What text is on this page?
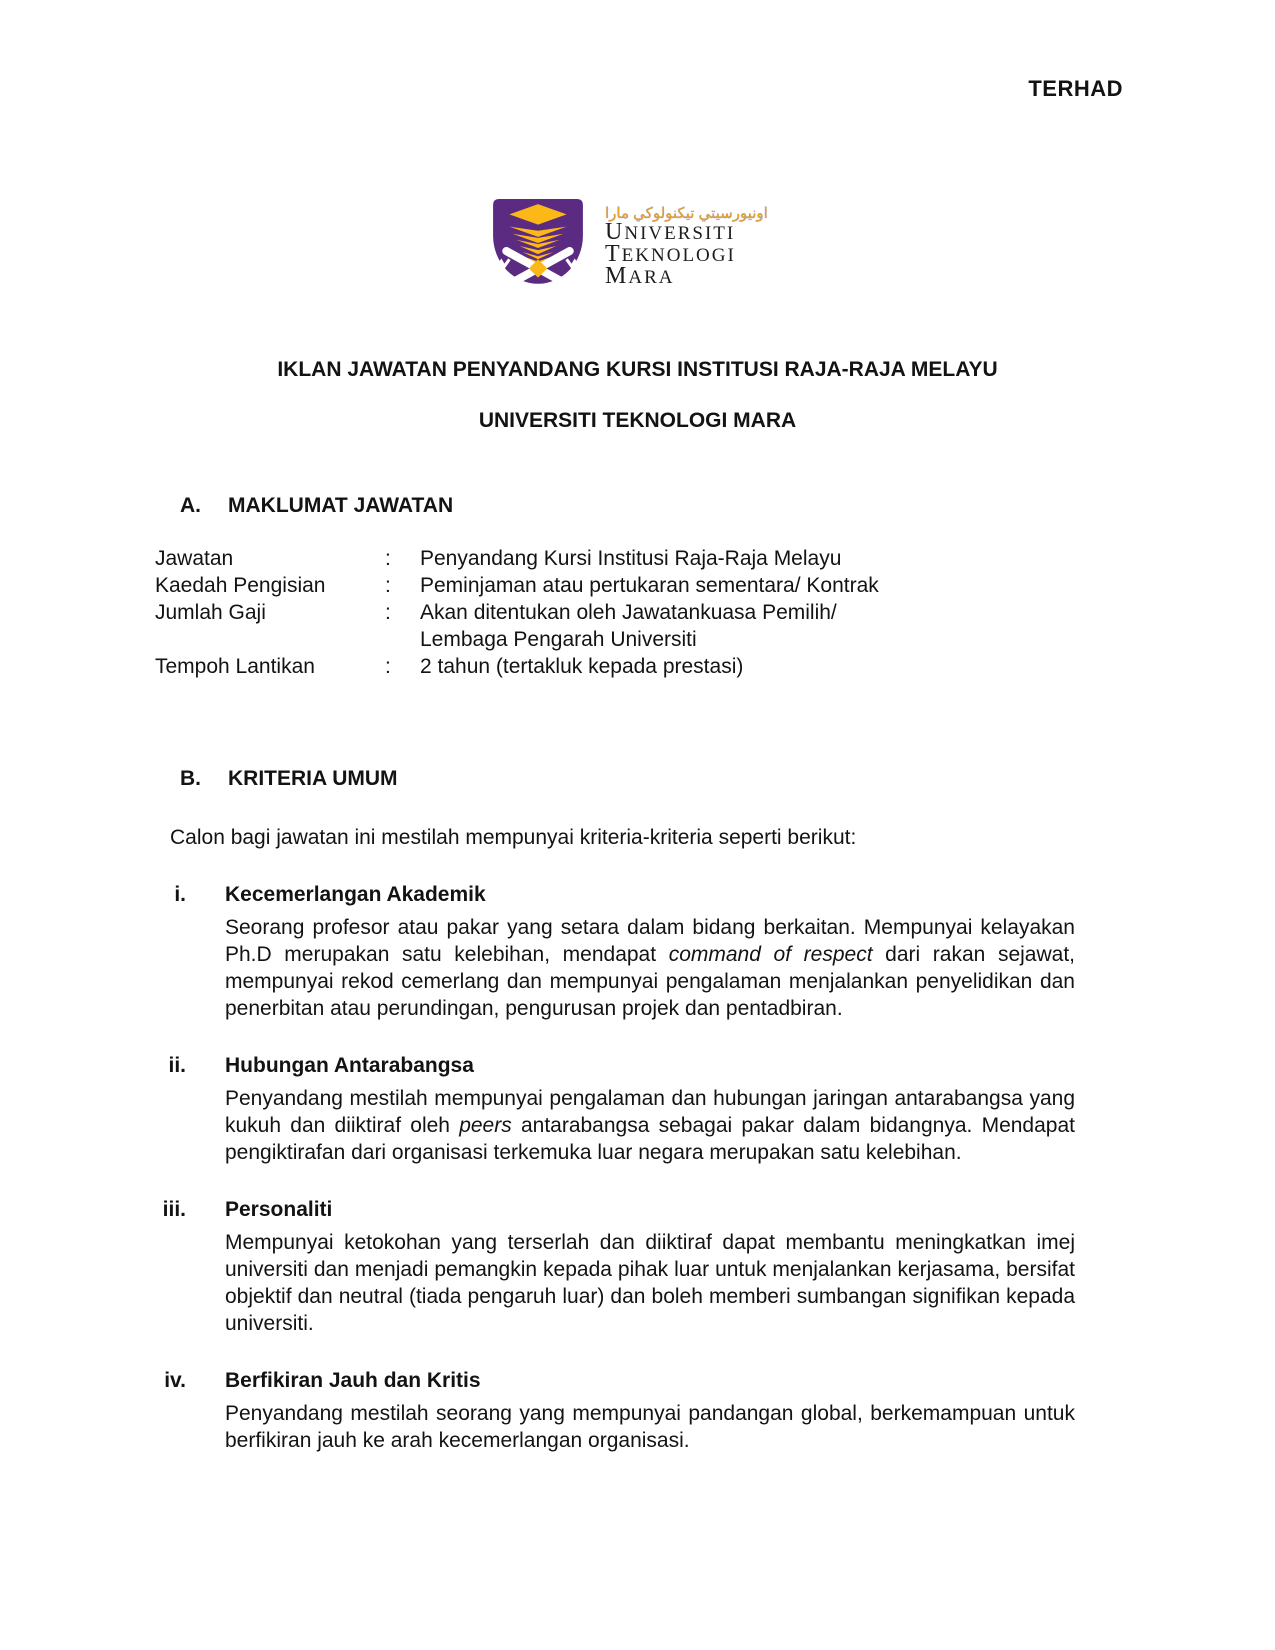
TERHAD
اونيورسيتي تيكنولوكي مارا
UNIVERSITI
TEKNOLOGI
MARA
IKLAN JAWATAN PENYANDANG KURSI INSTITUSI RAJA-RAJA MELAYU
UNIVERSITI TEKNOLOGI MARA
A.	MAKLUMAT JAWATAN
Jawatan	:	Penyandang Kursi Institusi Raja-Raja Melayu
Kaedah Pengisian	:	Peminjaman atau pertukaran sementara/ Kontrak
Jumlah Gaji	:	Akan ditentukan oleh Jawatankuasa Pemilih/
Lembaga Pengarah Universiti
Tempoh Lantikan	:	2 tahun (tertakluk kepada prestasi)
B.	KRITERIA UMUM
Calon bagi jawatan ini mestilah mempunyai kriteria-kriteria seperti berikut:
i. Kecemerlangan Akademik
Seorang profesor atau pakar yang setara dalam bidang berkaitan. Mempunyai kelayakan Ph.D merupakan satu kelebihan, mendapat command of respect dari rakan sejawat, mempunyai rekod cemerlang dan mempunyai pengalaman menjalankan penyelidikan dan penerbitan atau perundingan, pengurusan projek dan pentadbiran.
ii. Hubungan Antarabangsa
Penyandang mestilah mempunyai pengalaman dan hubungan jaringan antarabangsa yang kukuh dan diiktiraf oleh peers antarabangsa sebagai pakar dalam bidangnya. Mendapat pengiktirafan dari organisasi terkemuka luar negara merupakan satu kelebihan.
iii. Personaliti
Mempunyai ketokohan yang terserlah dan diiktiraf dapat membantu meningkatkan imej universiti dan menjadi pemangkin kepada pihak luar untuk menjalankan kerjasama, bersifat objektif dan neutral (tiada pengaruh luar) dan boleh memberi sumbangan signifikan kepada universiti.
iv. Berfikiran Jauh dan Kritis
Penyandang mestilah seorang yang mempunyai pandangan global, berkemampuan untuk berfikiran jauh ke arah kecemerlangan organisasi.
